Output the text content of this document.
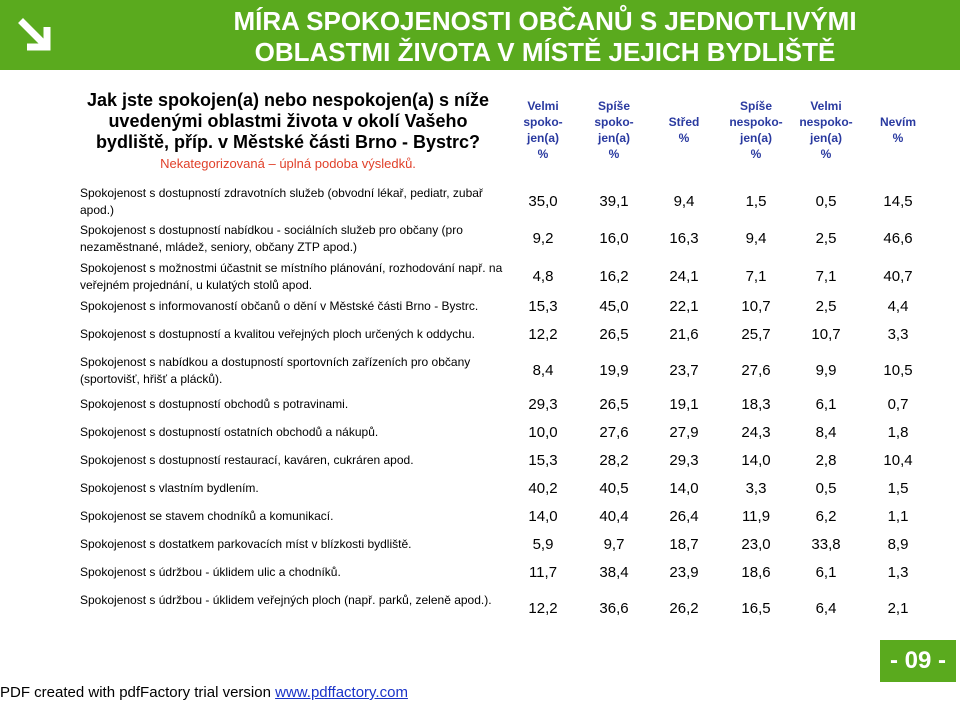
MÍRA SPOKOJENOSTI OBČANŮ S JEDNOTLIVÝMI
OBLASTMI ŽIVOTA V MÍSTĚ JEJICH BYDLIŠTĚ
Jak jste spokojen(a) nebo nespokojen(a) s níže
uvedenými oblastmi života v okolí Vašeho
bydliště, příp. v Městské části Brno - Bystrc?
Nekategorizovaná – úplná podoba výsledků.
Velmi
spoko-
jen(a)
%
Spíše
spoko-
jen(a)
%
Střed
%
Spíše
nespoko-
jen(a)
%
Velmi
nespoko-
jen(a)
%
Nevím
%
Spokojenost s dostupností zdravotních služeb (obvodní lékař, pediatr, zubař apod.)	35,0	39,1	9,4	1,5	0,5	14,5
Spokojenost s dostupností nabídkou - sociálních služeb pro občany (pro nezaměstnané, mládež, seniory, občany ZTP apod.)	9,2	16,0	16,3	9,4	2,5	46,6
Spokojenost s možnostmi účastnit se místního plánování, rozhodování např. na veřejném projednání, u kulatých stolů apod.	4,8	16,2	24,1	7,1	7,1	40,7
Spokojenost s informovaností občanů o dění v Městské části Brno - Bystrc.	15,3	45,0	22,1	10,7	2,5	4,4
Spokojenost s dostupností a kvalitou veřejných ploch určených k oddychu.	12,2	26,5	21,6	25,7	10,7	3,3
Spokojenost s nabídkou a dostupností sportovních zařízeních pro občany (sportovišť, hřišť a plácků).	8,4	19,9	23,7	27,6	9,9	10,5
Spokojenost s dostupností obchodů s potravinami.	29,3	26,5	19,1	18,3	6,1	0,7
Spokojenost s dostupností ostatních obchodů a nákupů.	10,0	27,6	27,9	24,3	8,4	1,8
Spokojenost s dostupností restaurací, kaváren, cukráren apod.	15,3	28,2	29,3	14,0	2,8	10,4
Spokojenost s vlastním bydlením.	40,2	40,5	14,0	3,3	0,5	1,5
Spokojenost se stavem chodníků a komunikací.	14,0	40,4	26,4	11,9	6,2	1,1
Spokojenost s dostatkem parkovacích míst v blízkosti bydliště.	5,9	9,7	18,7	23,0	33,8	8,9
Spokojenost s údržbou - úklidem ulic a chodníků.	11,7	38,4	23,9	18,6	6,1	1,3
Spokojenost s údržbou - úklidem veřejných ploch (např. parků, zeleně apod.).	12,2	36,6	26,2	16,5	6,4	2,1
- 09 -
PDF created with pdfFactory trial version www.pdffactory.com
